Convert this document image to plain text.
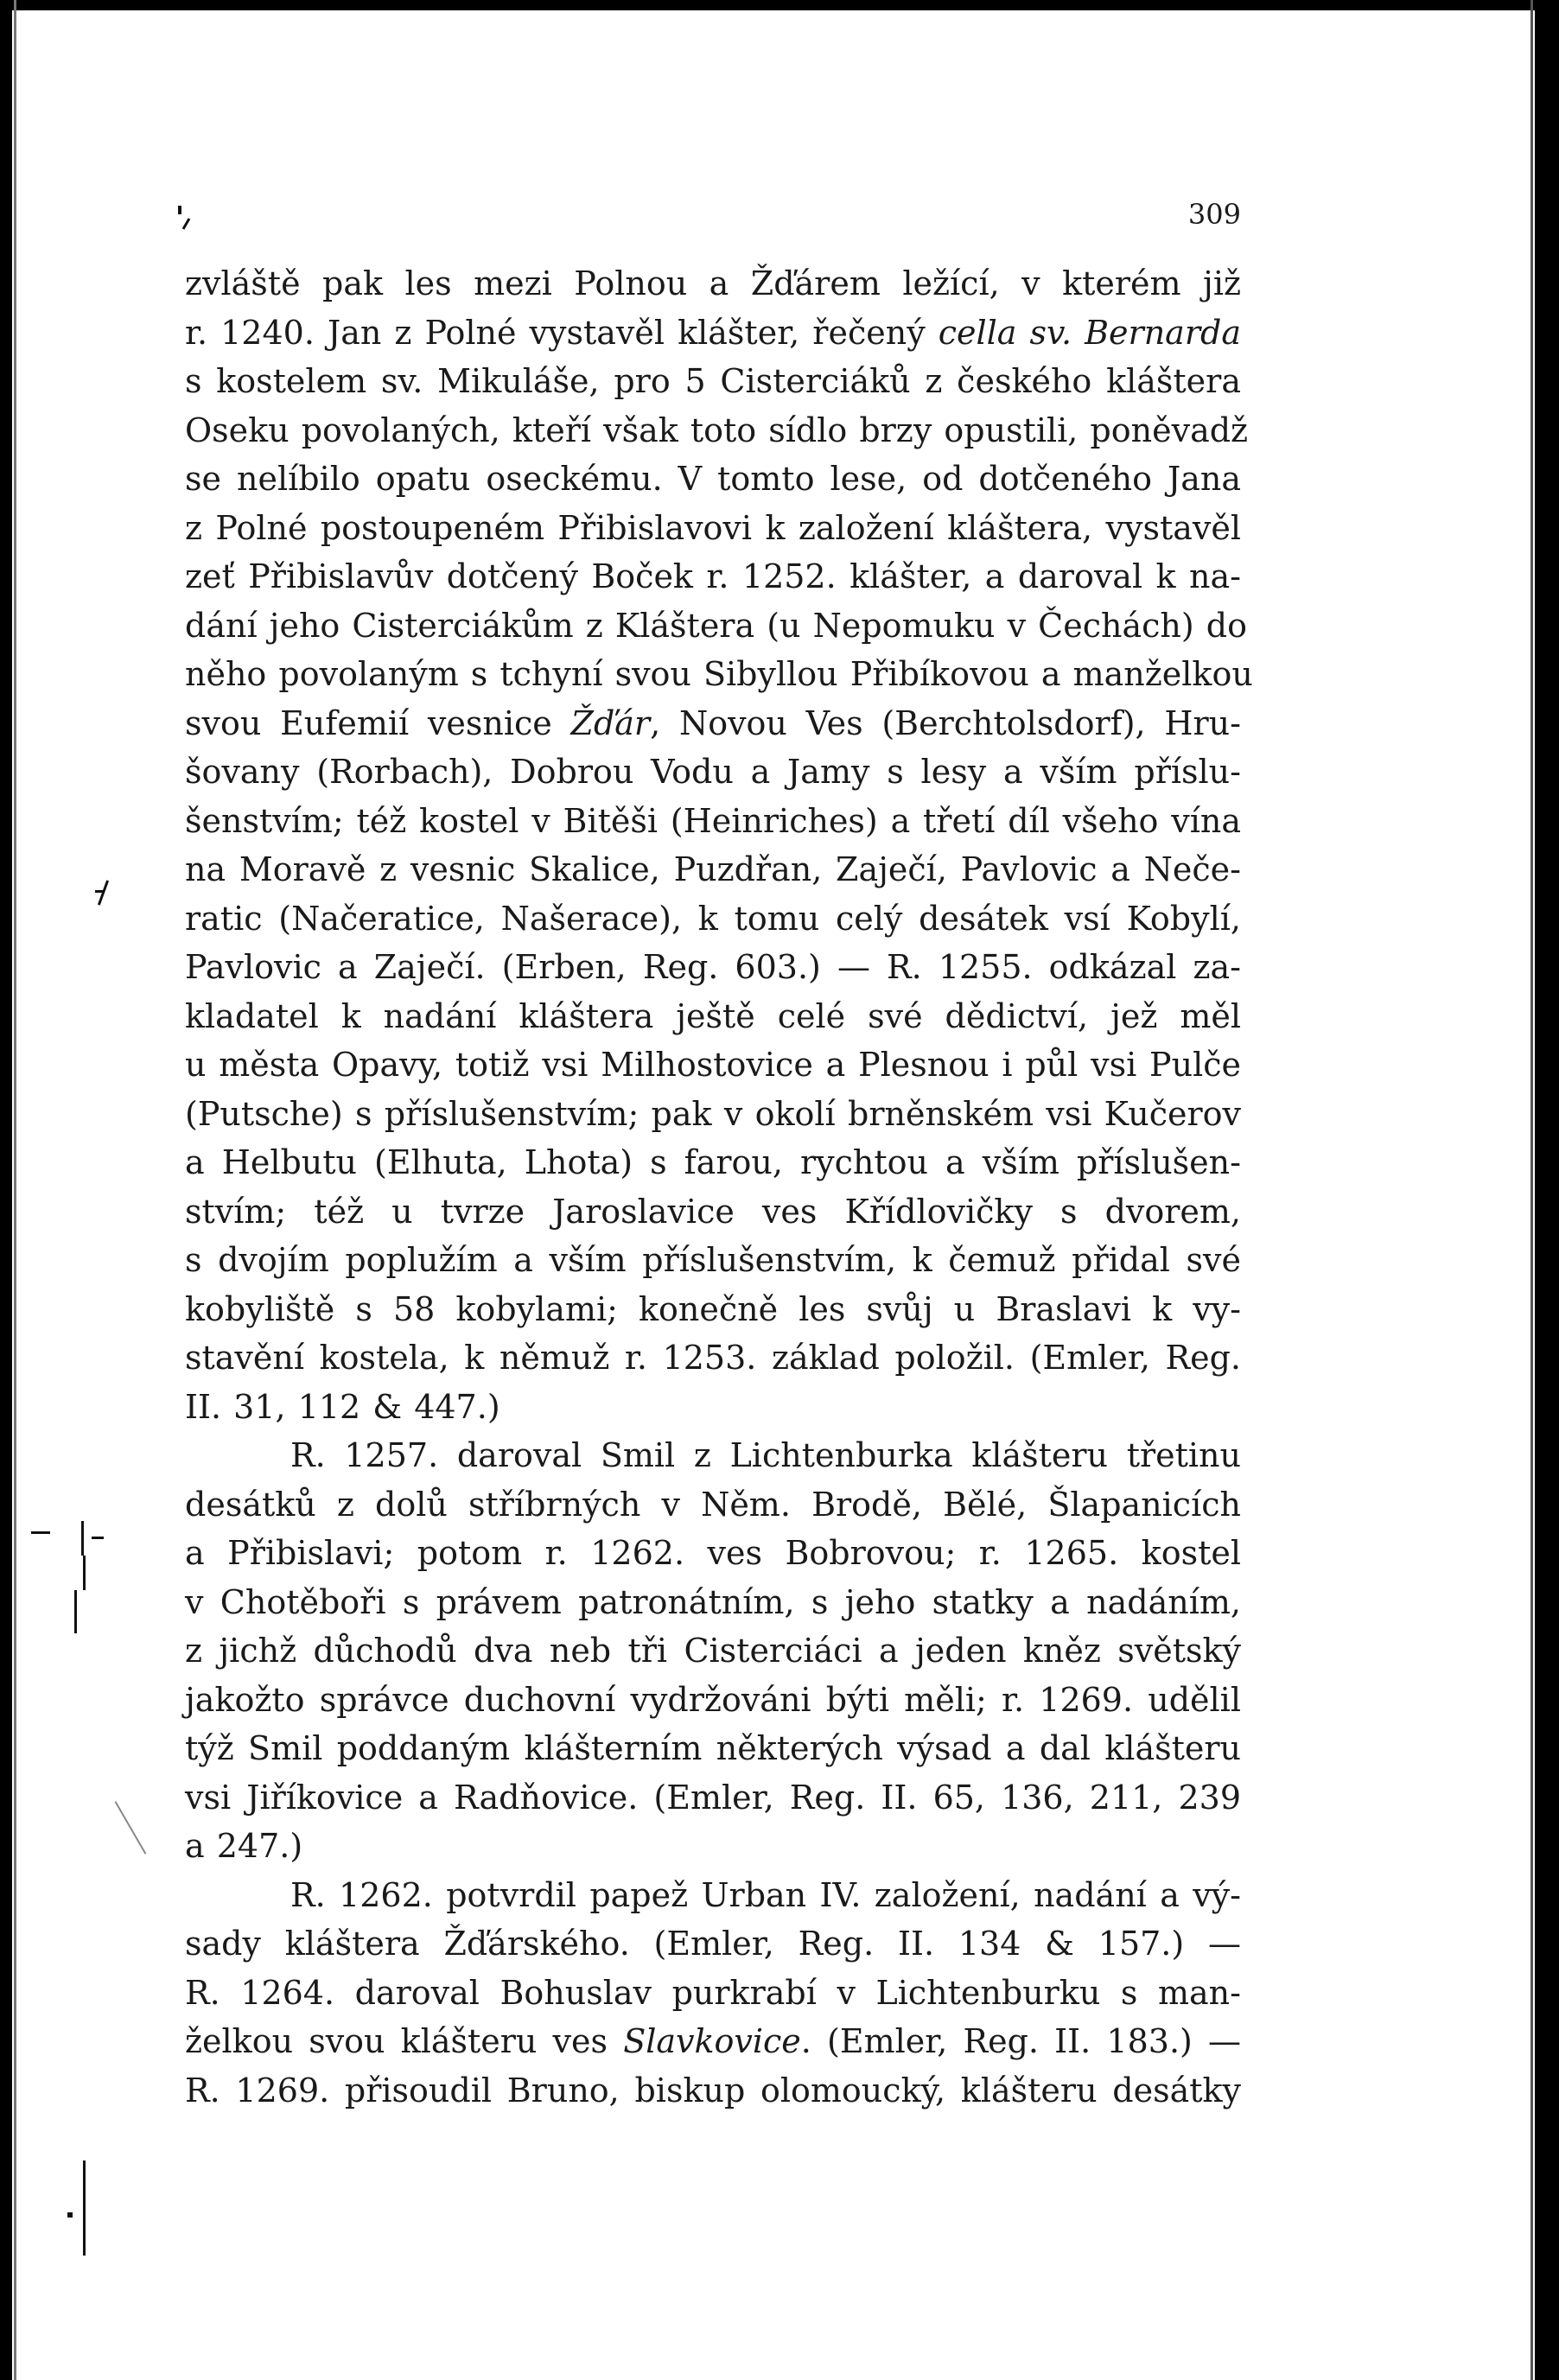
309
zvláště pak les mezi Polnou a Žďárem ležící, v kterém již
r. 1240. Jan z Polné vystavěl klášter, řečený cella sv. Bernarda
s kostelem sv. Mikuláše, pro 5 Cisterciáků z českého kláštera
Oseku povolaných, kteří však toto sídlo brzy opustili, poněvadž
se nelíbilo opatu oseckému. V tomto lese, od dotčeného Jana
z Polné postoupeném Přibislavovi k založení kláštera, vystavěl
zeť Přibislavův dotčený Boček r. 1252. klášter, a daroval k na-
dání jeho Cisterciákům z Kláštera (u Nepomuku v Čechách) do
něho povolaným s tchyní svou Sibyllou Přibíkovou a manželkou
svou Eufemií vesnice Žďár, Novou Ves (Berchtolsdorf), Hru-
šovany (Rorbach), Dobrou Vodu a Jamy s lesy a vším příslu-
šenstvím; též kostel v Bitěši (Heinriches) a třetí díl všeho vína
na Moravě z vesnic Skalice, Puzdřan, Zaječí, Pavlovic a Neče-
ratic (Načeratice, Našerace), k tomu celý desátek vsí Kobylí,
Pavlovic a Zaječí. (Erben, Reg. 603.) — R. 1255. odkázal za-
kladatel k nadání kláštera ještě celé své dědictví, jež měl
u města Opavy, totiž vsi Milhostovice a Plesnou i půl vsi Pulče
(Putsche) s příslušenstvím; pak v okolí brněnském vsi Kučerov
a Helbutu (Elhuta, Lhota) s farou, rychtou a vším příslušen-
stvím; též u tvrze Jaroslavice ves Křídlovičky s dvorem,
s dvojím poplužím a vším příslušenstvím, k čemuž přidal své
kobyliště s 58 kobylami; konečně les svůj u Braslavi k vy-
stavění kostela, k němuž r. 1253. základ položil. (Emler, Reg.
II. 31, 112 & 447.)
R. 1257. daroval Smil z Lichtenburka klášteru třetinu
desátků z dolů stříbrných v Něm. Brodě, Bělé, Šlapanicích
a Přibislavi; potom r. 1262. ves Bobrovou; r. 1265. kostel
v Chotěboři s právem patronátním, s jeho statky a nadáním,
z jichž důchodů dva neb tři Cisterciáci a jeden kněz světský
jakožto správce duchovní vydržováni býti měli; r. 1269. udělil
týž Smil poddaným klášterním některých výsad a dal klášteru
vsi Jiříkovice a Radňovice. (Emler, Reg. II. 65, 136, 211, 239
a 247.)
R. 1262. potvrdil papež Urban IV. založení, nadání a vý-
sady kláštera Žďárského. (Emler, Reg. II. 134 & 157.) —
R. 1264. daroval Bohuslav purkrabí v Lichtenburku s man-
želkou svou klášteru ves Slavkovice. (Emler, Reg. II. 183.) —
R. 1269. přisoudil Bruno, biskup olomoucký, klášteru desátky
